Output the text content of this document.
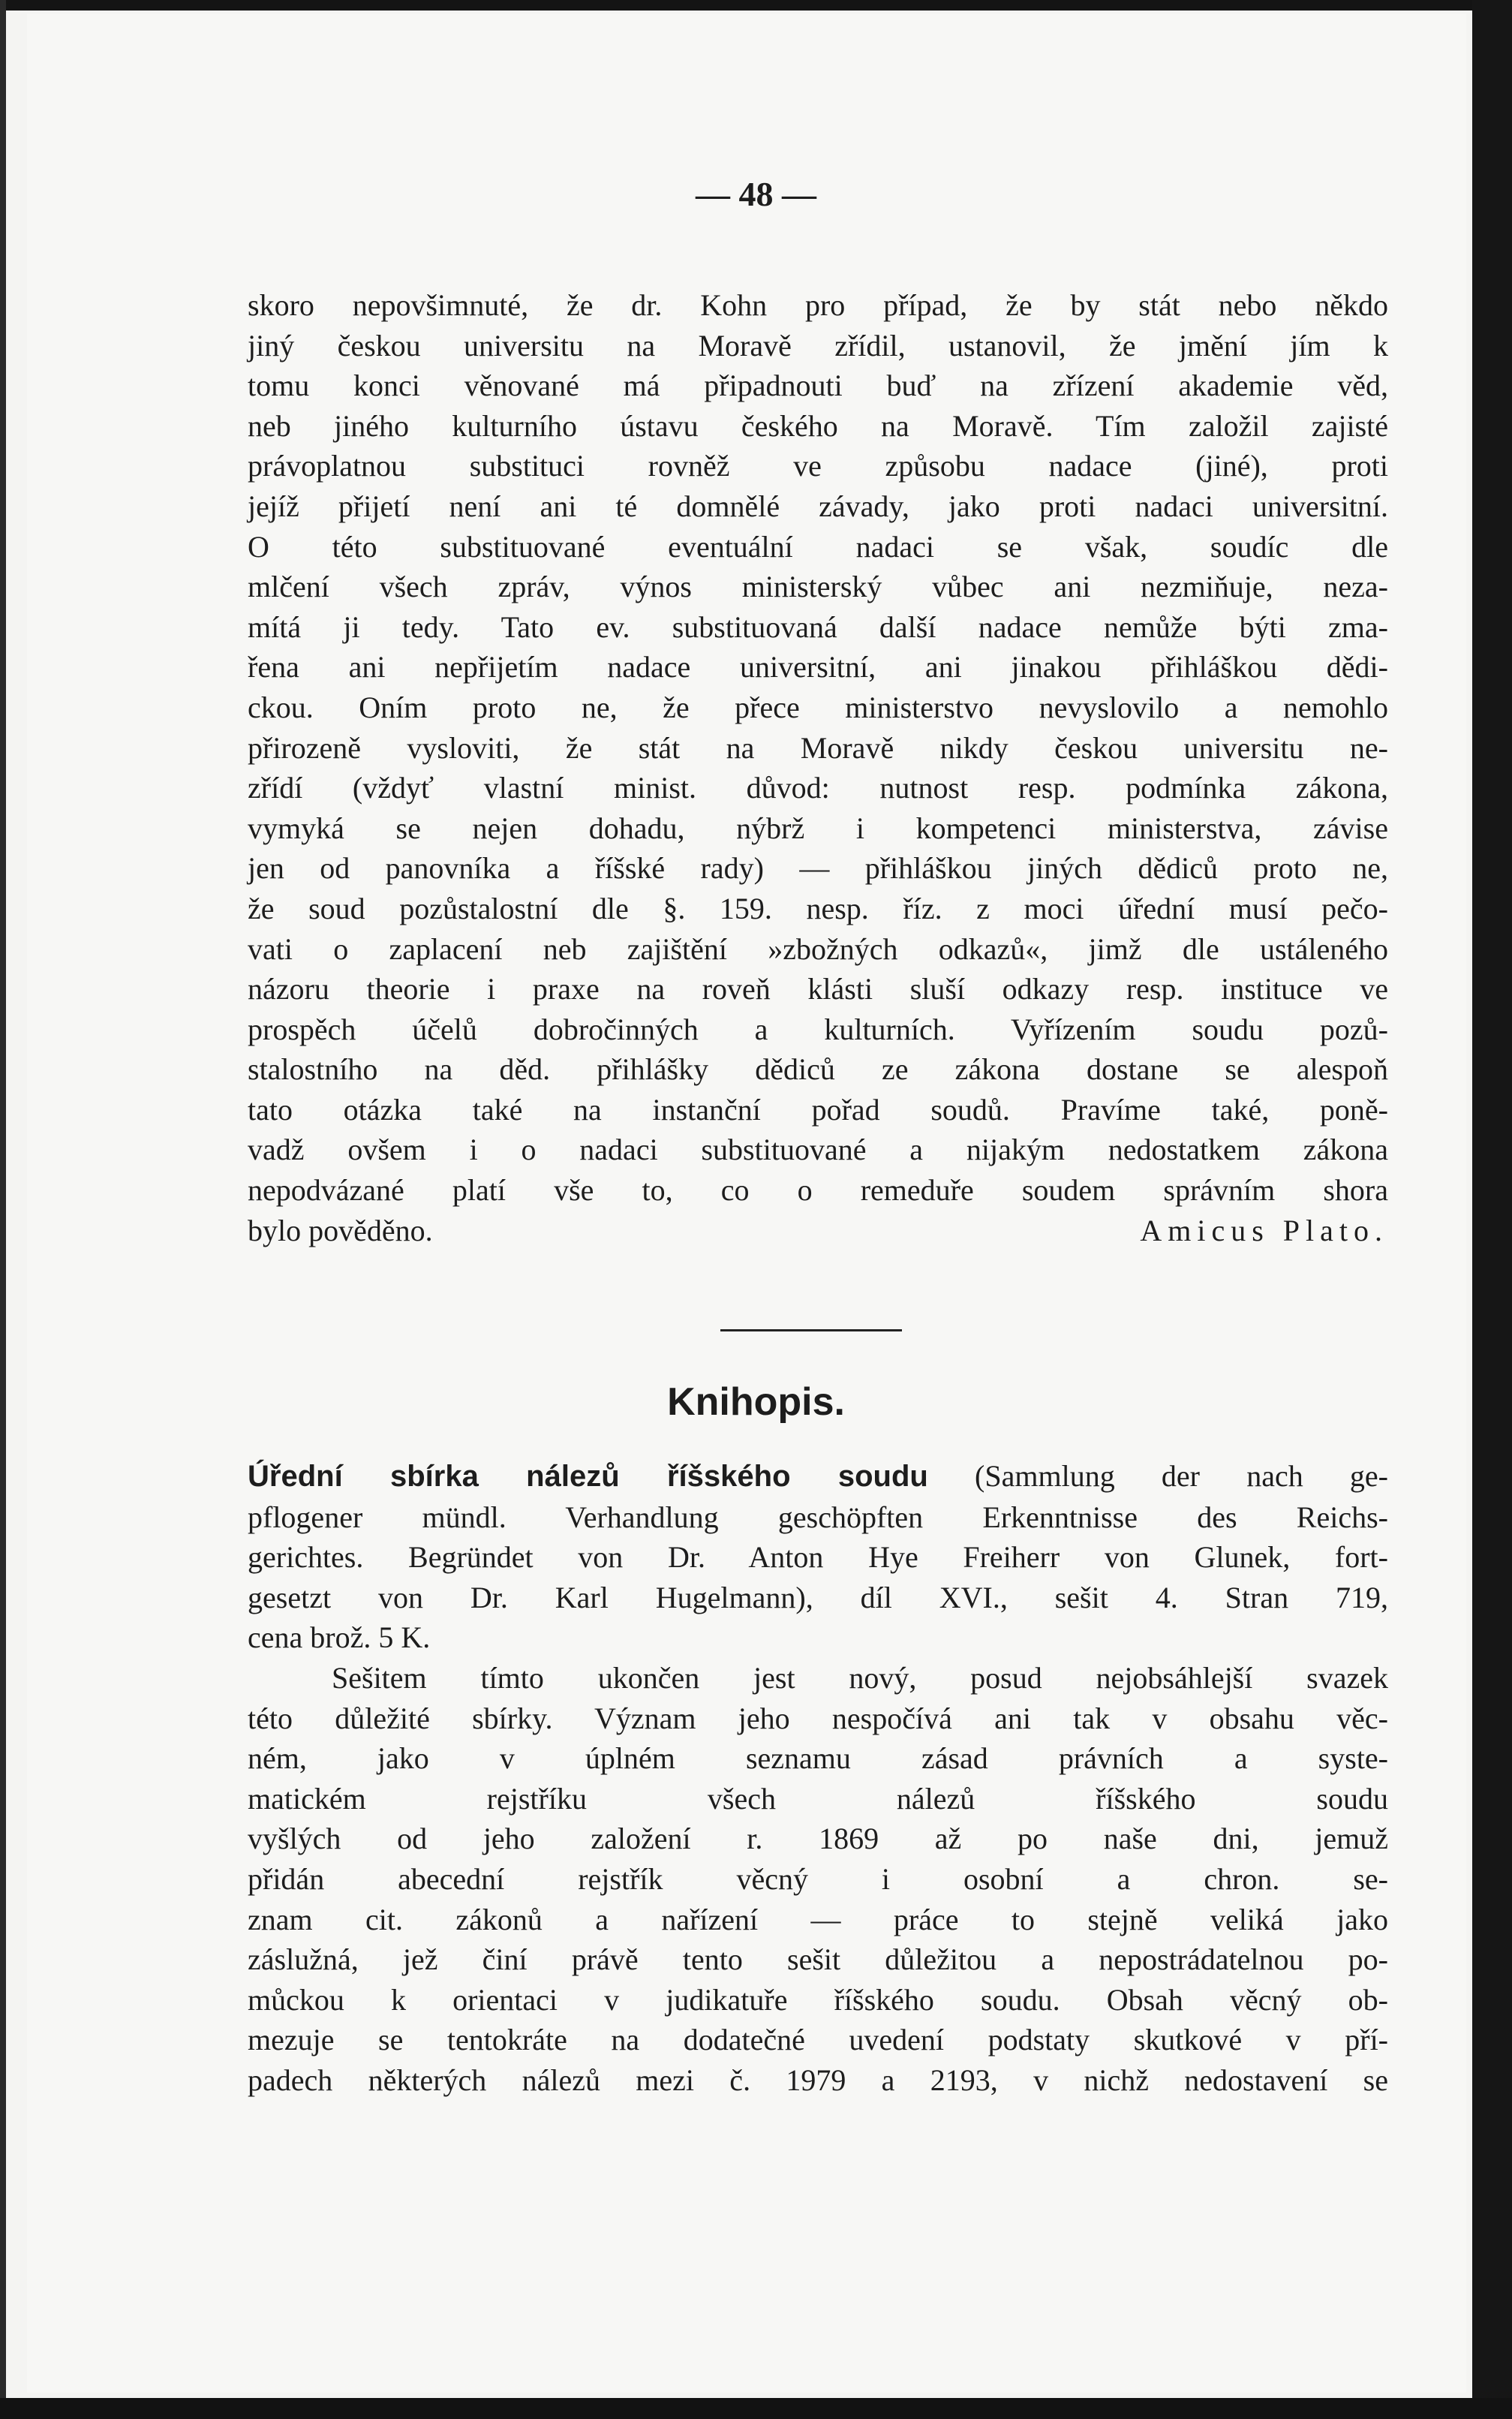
— 48 —
skoro nepovšimnuté, že dr. Kohn pro případ, že by stát nebo někdo
jiný českou universitu na Moravě zřídil, ustanovil, že jmění jím k
tomu konci věnované má připadnouti buď na zřízení akademie věd,
neb jiného kulturního ústavu českého na Moravě. Tím založil zajisté
právoplatnou substituci rovněž ve způsobu nadace (jiné), proti
jejíž přijetí není ani té domnělé závady, jako proti nadaci universitní.
O této substituované eventuální nadaci se však, soudíc dle
mlčení všech zpráv, výnos ministerský vůbec ani nezmiňuje, neza-
mítá ji tedy. Tato ev. substituovaná další nadace nemůže býti zma-
řena ani nepřijetím nadace universitní, ani jinakou přihláškou dědi-
ckou. Oním proto ne, že přece ministerstvo nevyslovilo a nemohlo
přirozeně vysloviti, že stát na Moravě nikdy českou universitu ne-
zřídí (vždyť vlastní minist. důvod: nutnost resp. podmínka zákona,
vymyká se nejen dohadu, nýbrž i kompetenci ministerstva, závise
jen od panovníka a říšské rady) — přihláškou jiných dědiců proto ne,
že soud pozůstalostní dle §. 159. nesp. říz. z moci úřední musí pečo-
vati o zaplacení neb zajištění »zbožných odkazů«, jimž dle ustáleného
názoru theorie i praxe na roveň klásti sluší odkazy resp. instituce ve
prospěch účelů dobročinných a kulturních. Vyřízením soudu pozů-
stalostního na děd. přihlášky dědiců ze zákona dostane se alespoň
tato otázka také na instanční pořad soudů. Pravíme také, poně-
vadž ovšem i o nadaci substituované a nijakým nedostatkem zákona
nepodvázané platí vše to, co o remeduře soudem správním shora
bylo pověděno.	Amicus Plato.
Knihopis.
Úřední sbírka nálezů říšského soudu (Sammlung der nach ge-
pflogener mündl. Verhandlung geschöpften Erkenntnisse des Reichs-
gerichtes. Begründet von Dr. Anton Hye Freiherr von Glunek, fort-
gesetzt von Dr. Karl Hugelmann), díl XVI., sešit 4. Stran 719,
cena brož. 5 K.
Sešitem tímto ukončen jest nový, posud nejobsáhlejší svazek
této důležité sbírky. Význam jeho nespočívá ani tak v obsahu věc-
ném, jako v úplném seznamu zásad právních a syste-
matickém rejstříku všech nálezů říšského soudu
vyšlých od jeho založení r. 1869 až po naše dni, jemuž
přidán abecední rejstřík věcný i osobní a chron. se-
znam cit. zákonů a nařízení — práce to stejně veliká jako
záslužná, jež činí právě tento sešit důležitou a nepostrádatelnou po-
můckou k orientaci v judikatuře říšského soudu. Obsah věcný ob-
mezuje se tentokráte na dodatečné uvedení podstaty skutkové v pří-
padech některých nálezů mezi č. 1979 a 2193, v nichž nedostavení se
